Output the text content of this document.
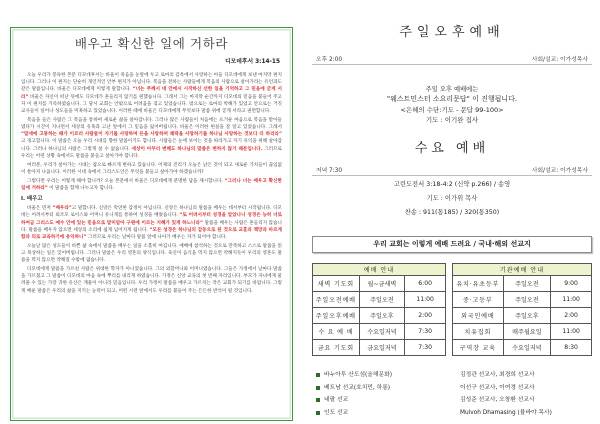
배우고 확신한 일에 거하라
디모데후서 3:14-15

오늘 우리가 봉독한 본문 디모데후서는 바울이 죽음을 눈앞에 두고 로마의 감옥에서 사랑하는 아들 디모데에게 보낸 마지막 편지입니다. 그러나 이 편지는 단순히 개인적인 안부 편지가 아닙니다. 복음을 전하는 사람들에게 복음의 사람으로 살아가라는 유언과도 같은 말씀입니다. 바울은 디모데에게 이렇게 말합니다. “너는 주께서 네 안에서 시작하신 선한 일을 기억하고 그 믿음에 굳게 서라” 바울은 자신이 떠난 뒤에도 디모데가 흔들리지 않기를 원했습니다. 그래서 그는 마지막 순간까지 디모데의 믿음을 붙들어 주고자 이 편지를 기록하였습니다. 그 당시 교회는 안팎으로 어려움을 겪고 있었습니다. 밖으로는 로마의 박해가 있었고 안으로는 거짓 교사들이 일어나 성도들을 미혹하고 있었습니다. 이러한 때에 바울은 디모데에게 무엇보다 말씀 위에 굳게 서라고 권면합니다.

복음을 들은 사람은 그 복음을 통하여 새로운 삶을 살아갑니다. 그러나 많은 사람들이 처음에는 뜨거운 마음으로 복음을 받아들였다가 시간이 지나면서 세상의 유혹과 고난 앞에서 그 믿음을 잃어버립니다. 바울은 이러한 현실을 잘 알고 있었습니다. 그래서 “말세에 고통하는 때가 이르러 사람들이 자기를 사랑하며 돈을 사랑하며 쾌락을 사랑하기를 하나님 사랑하는 것보다 더 하리라” 고 경고합니다. 이 말씀은 오늘 우리 시대를 향한 말씀이기도 합니다. 사람들은 눈에 보이는 것을 따라가고 자기 유익을 위해 살아갑니다. 그러나 하나님의 사람은 그렇게 살 수 없습니다. 세상이 아무리 변해도 하나님의 말씀은 변하지 않기 때문입니다. 그러므로 우리는 어떤 상황 속에서도 말씀을 붙들고 살아가야 합니다.

여러분, 우리가 살아가는 시대는 참으로 빠르게 변하고 있습니다. 어제의 진리가 오늘은 낡은 것이 되고 새로운 가치들이 끊임없이 쏟아져 나옵니다. 이러한 시대 속에서 그리스도인은 무엇을 붙들고 살아가야 하겠습니까?

그렇다면 우리는 어떻게 해야 합니까? 오늘 본문에서 바울은 디모데에게 분명한 답을 제시합니다. “그러나 너는 배우고 확신한 일에 거하라” 이 말씀을 함께 나누고자 합니다.

I. 배우고

바울은 먼저 “배우라”고 말합니다. 신앙은 막연한 감정이 아닙니다. 신앙은 하나님의 말씀을 배우는 데서부터 시작됩니다. 디모데는 어려서부터 외조모 로이스와 어머니 유니게를 통하여 성경을 배웠습니다. “또 어려서부터 성경을 알았나니 성경은 능히 너로 하여금 그리스도 예수 안에 있는 믿음으로 말미암아 구원에 이르는 지혜가 있게 하느니라” 말씀을 배우는 사람은 흔들리지 않습니다. 말씀을 배우지 않으면 세상의 소리에 쉽게 넘어지게 됩니다. “모든 성경은 하나님의 감동으로 된 것으로 교훈과 책망과 바르게 함과 의로 교육하기에 유익하니” 그러므로 우리는 날마다 말씀 앞에 나아가 배우는 자가 되어야 합니다.

오늘날 많은 성도들이 바쁜 삶 속에서 말씀을 배우는 일을 소홀히 여깁니다. 예배에 참석하는 것으로 만족하고 스스로 말씀을 읽고 묵상하는 일은 잊어버립니다. 그러나 말씀은 우리 영혼의 양식입니다. 육신이 음식을 먹지 않으면 약해지듯이 우리의 영혼도 말씀을 먹지 않으면 약해질 수밖에 없습니다.

디모데에게 말씀을 가르친 사람은 위대한 학자가 아니었습니다. 그의 외할머니와 어머니였습니다. 그들은 가정에서 날마다 말씀을 가르쳤고 그 말씀이 디모데의 마음 속에 뿌리를 내리게 하였습니다. 가정은 신앙 교육의 첫 번째 자리입니다. 부모가 자녀에게 물려줄 수 있는 가장 귀한 유산은 재물이 아니라 믿음입니다. 우리 가정이 말씀을 배우고 가르치는 작은 교회가 되기를 바랍니다. 그렇게 배운 말씀은 우리의 삶을 지키는 능력이 되고, 어떤 시련 앞에서도 우리를 붙들어 주는 든든한 반석이 될 것입니다.

주일오후예배
오후 2:00	사회/설교: 이가성목사
주일 오후 예배에는
"웨스트민스터 소요리문답" 이 진행됩니다.
<은혜의 수단:기도 - 문답 99-100>
기도 : 이기완 집사
수요 예배
저녁 7:30	사회/설교: 이가성목사
고린도전서 3:18-4:2 (신약 p.266) / 송영
기도 : 이가위 목사
찬송 : 911(통185) / 320(통350)
우리 교회는 이렇게 예배 드려요 / 국내·해외 선교지
예배 안내		
새벽 기도회	월~금새벽	6:00
주일오전예배	주일오전	11:00
주일오후예배	주일오후	2:00
수 요 예 배	수요일저녁	7:30
금요 기도회	금요일저녁	7:30
기관예배 안내		
유치·유초등부	주일오전	9:00
중·고등부	주일오전	11:00
외국인예배	주일오후	2:00
치유집회	매주월요일	11:00
구역장 교육	수요일저녁	8:30
바누아투 산도섬(올해문화)	김정관 선교사, 최경희 선교사
베트남 선교(호치민, 하롱)	이선구 선교사, 이여경 선교사
네팔 선교	김성준 선교사, 오창환 선교사
인도 선교	Mulvoh Dhamasing (뮬바야 목사)
